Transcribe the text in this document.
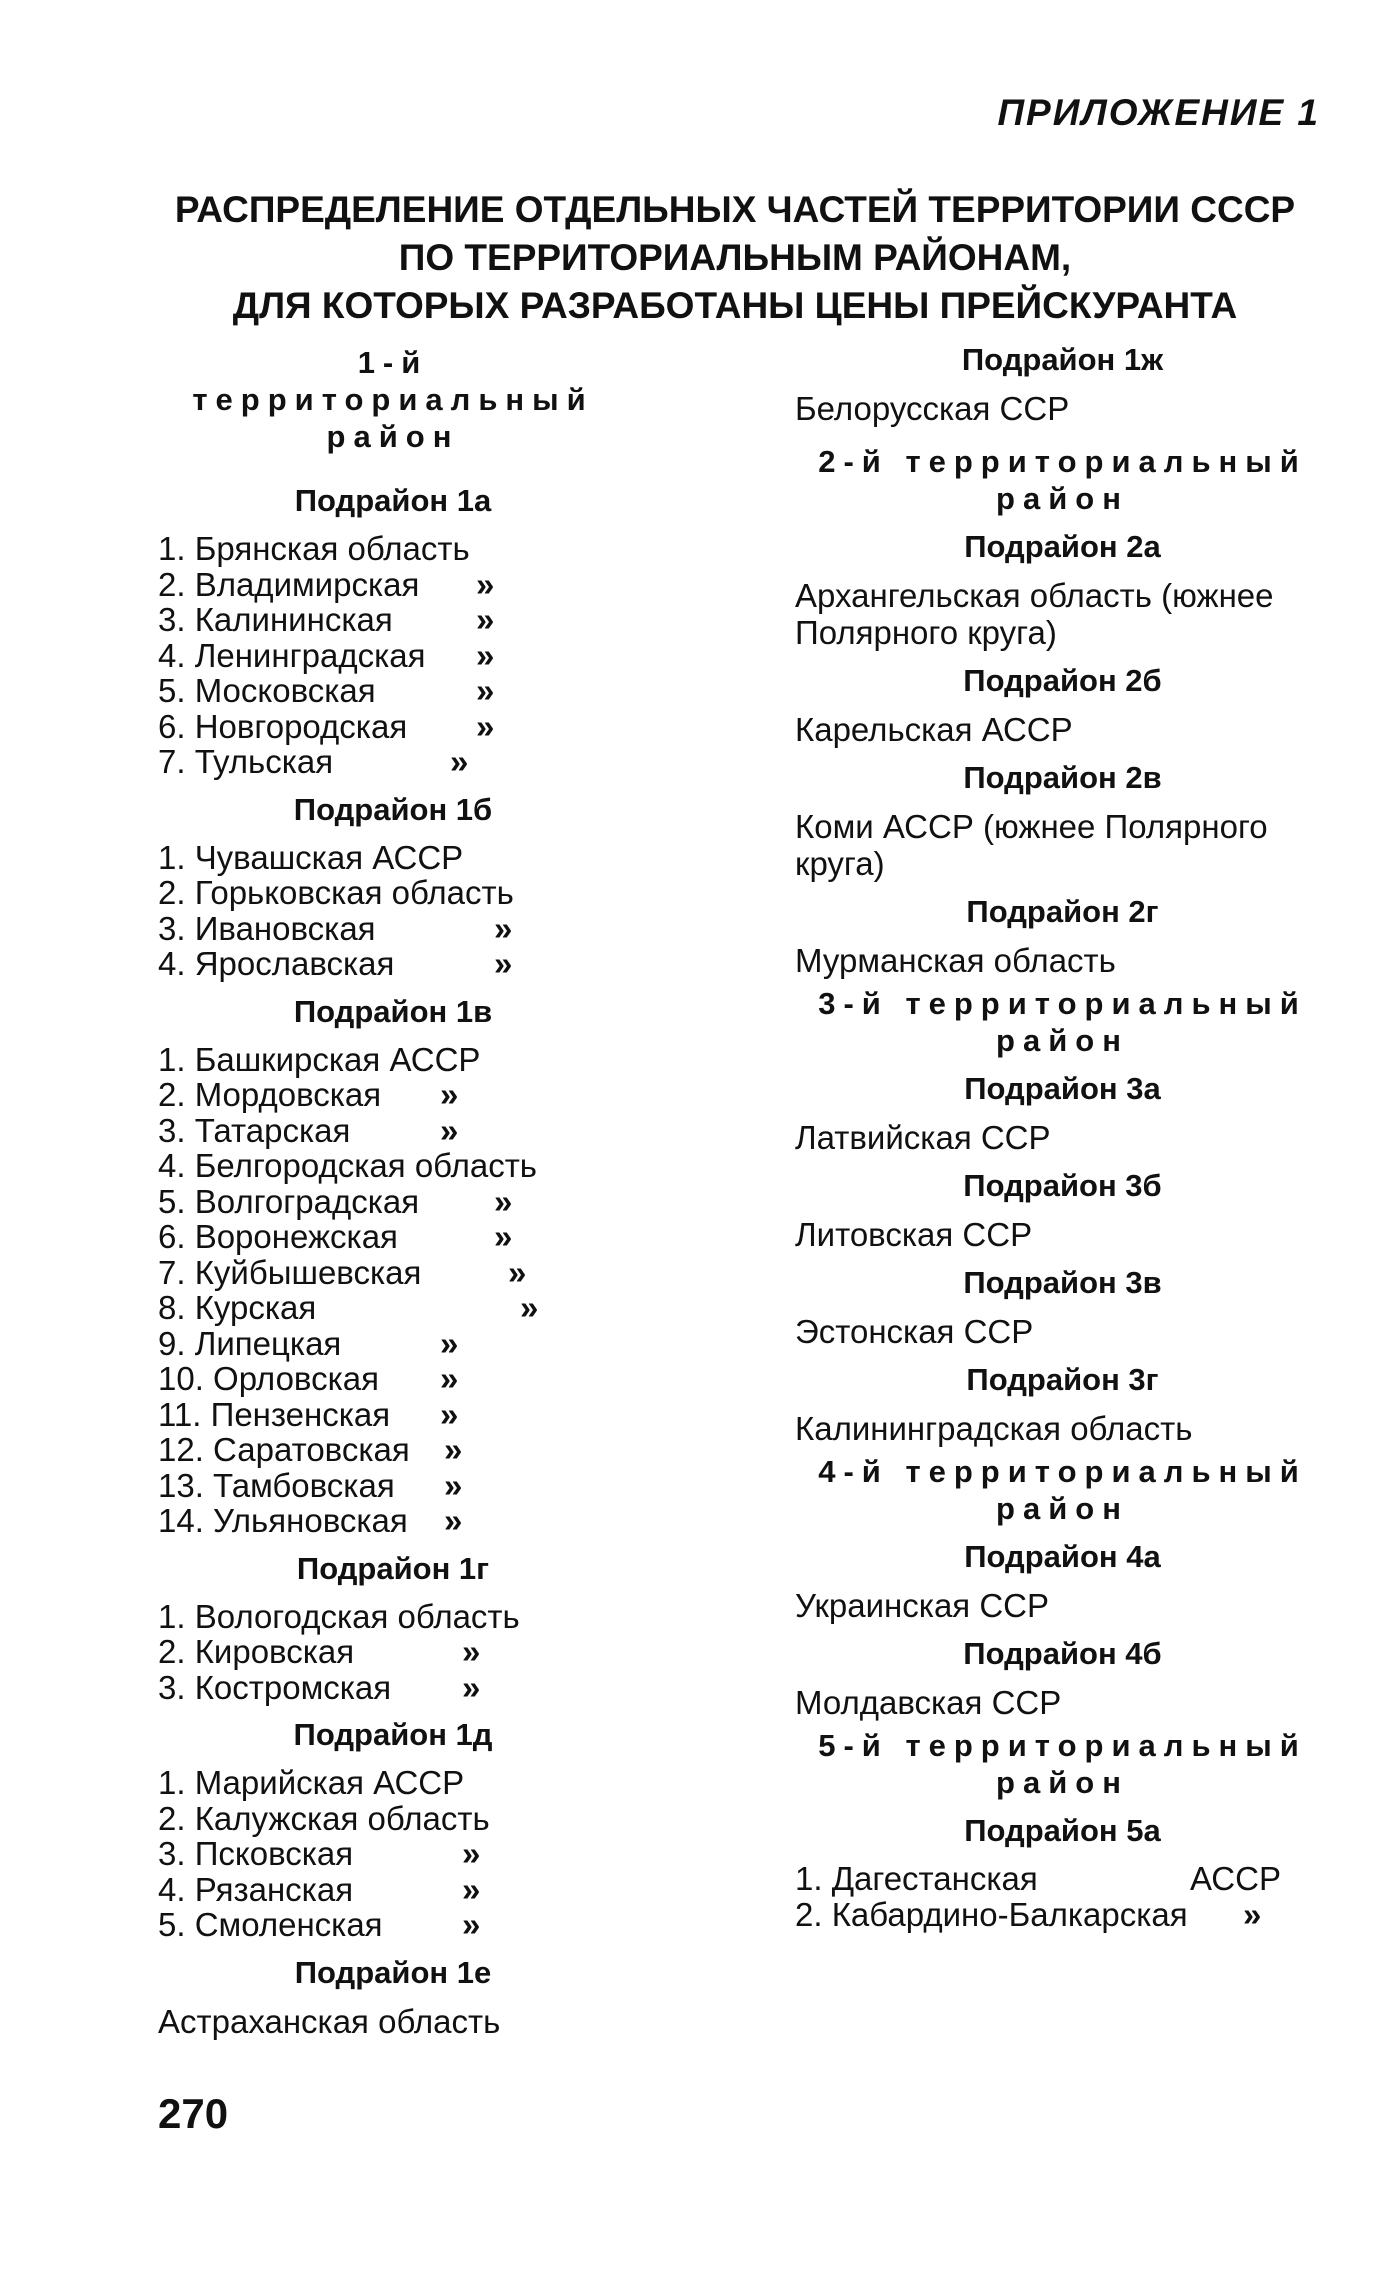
ПРИЛОЖЕНИЕ 1
РАСПРЕДЕЛЕНИЕ ОТДЕЛЬНЫХ ЧАСТЕЙ ТЕРРИТОРИИ СССР
ПО ТЕРРИТОРИАЛЬНЫМ РАЙОНАМ,
ДЛЯ КОТОРЫХ РАЗРАБОТАНЫ ЦЕНЫ ПРЕЙСКУРАНТА
1-й территориальный район
Подрайон 1а
1. Брянская область
2. Владимирская »
3. Калининская	»
4. Ленинградская »
5. Московская	»
6. Новгородская »
7. Тульская	»
Подрайон 1б
1. Чувашская АССР
2. Горьковская область
3. Ивановская	»
4. Ярославская	»
Подрайон 1в
1. Башкирская АССР
2. Мордовская »
3. Татарская	»
4. Белгородская область
5. Волгоградская »
6. Воронежская	»
7. Куйбышевская	»
8. Курская	»
9. Липецкая	»
10. Орловская »
11. Пензенская »
12. Саратовская »
13. Тамбовская »
14. Ульяновская »
Подрайон 1г
1. Вологодская область
2. Кировская	»
3. Костромская »
Подрайон 1д
1. Марийская АССР
2. Калужская область
3. Псковская	»
4. Рязанская	»
5. Смоленская »
Подрайон 1е
Астраханская область
Подрайон 1ж
Белорусская ССР
2-й территориальный район
Подрайон 2а
Архангельская область (южнее Полярного круга)
Подрайон 2б
Карельская АССР
Подрайон 2в
Коми АССР (южнее Полярного круга)
Подрайон 2г
Мурманская область
3-й территориальный район
Подрайон 3а
Латвийская ССР
Подрайон 3б
Литовская ССР
Подрайон 3в
Эстонская ССР
Подрайон 3г
Калининградская область
4-й территориальный район
Подрайон 4а
Украинская ССР
Подрайон 4б
Молдавская ССР
5-й территориальный район
Подрайон 5а
1. Дагестанская	АССР
2. Кабардино-Балкарская »
270
